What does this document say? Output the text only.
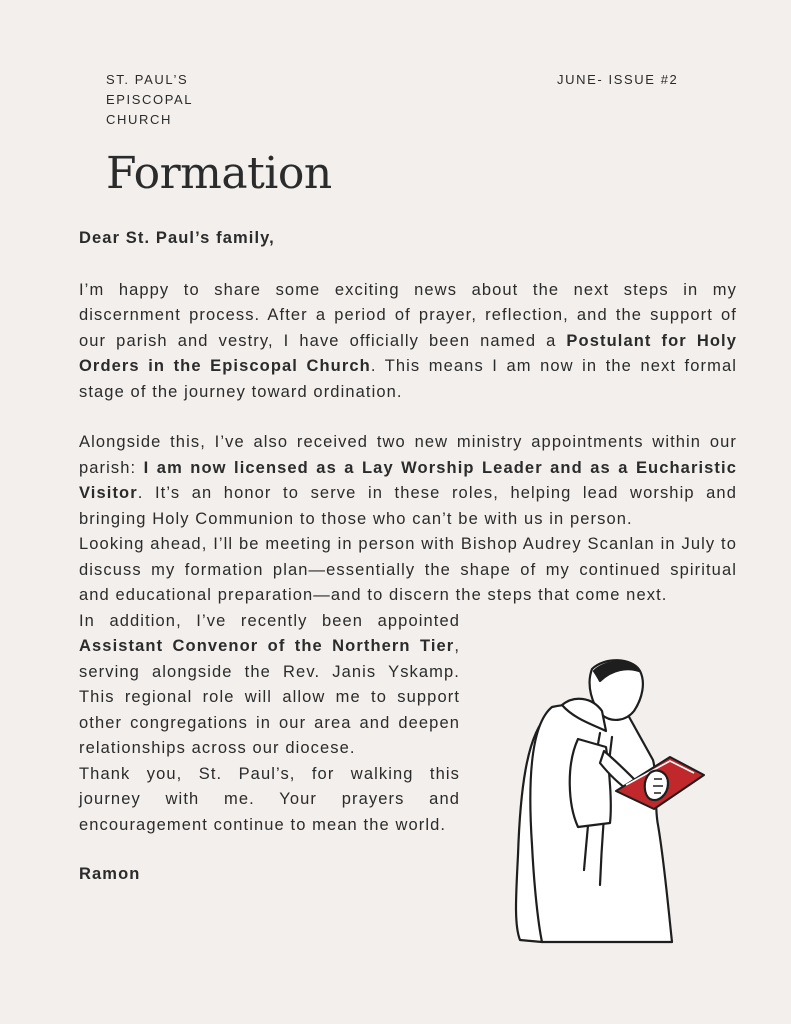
ST. PAUL’S EPISCOPAL CHURCH
JUNE- ISSUE #2
Formation

Dear St. Paul’s family,

I’m happy to share some exciting news about the next steps in my discernment process. After a period of prayer, reflection, and the support of our parish and vestry, I have officially been named a Postulant for Holy Orders in the Episcopal Church. This means I am now in the next formal stage of the journey toward ordination.

Alongside this, I’ve also received two new ministry appointments within our parish: I am now licensed as a Lay Worship Leader and as a Eucharistic Visitor. It’s an honor to serve in these roles, helping lead worship and bringing Holy Communion to those who can’t be with us in person.

Looking ahead, I’ll be meeting in person with Bishop Audrey Scanlan in July to discuss my formation plan—essentially the shape of my continued spiritual and educational preparation—and to discern the steps that come next.

In addition, I’ve recently been appointed Assistant Convenor of the Northern Tier, serving alongside the Rev. Janis Yskamp. This regional role will allow me to support other congregations in our area and deepen relationships across our diocese.

Thank you, St. Paul’s, for walking this journey with me. Your prayers and encouragement continue to mean the world.

Ramon
